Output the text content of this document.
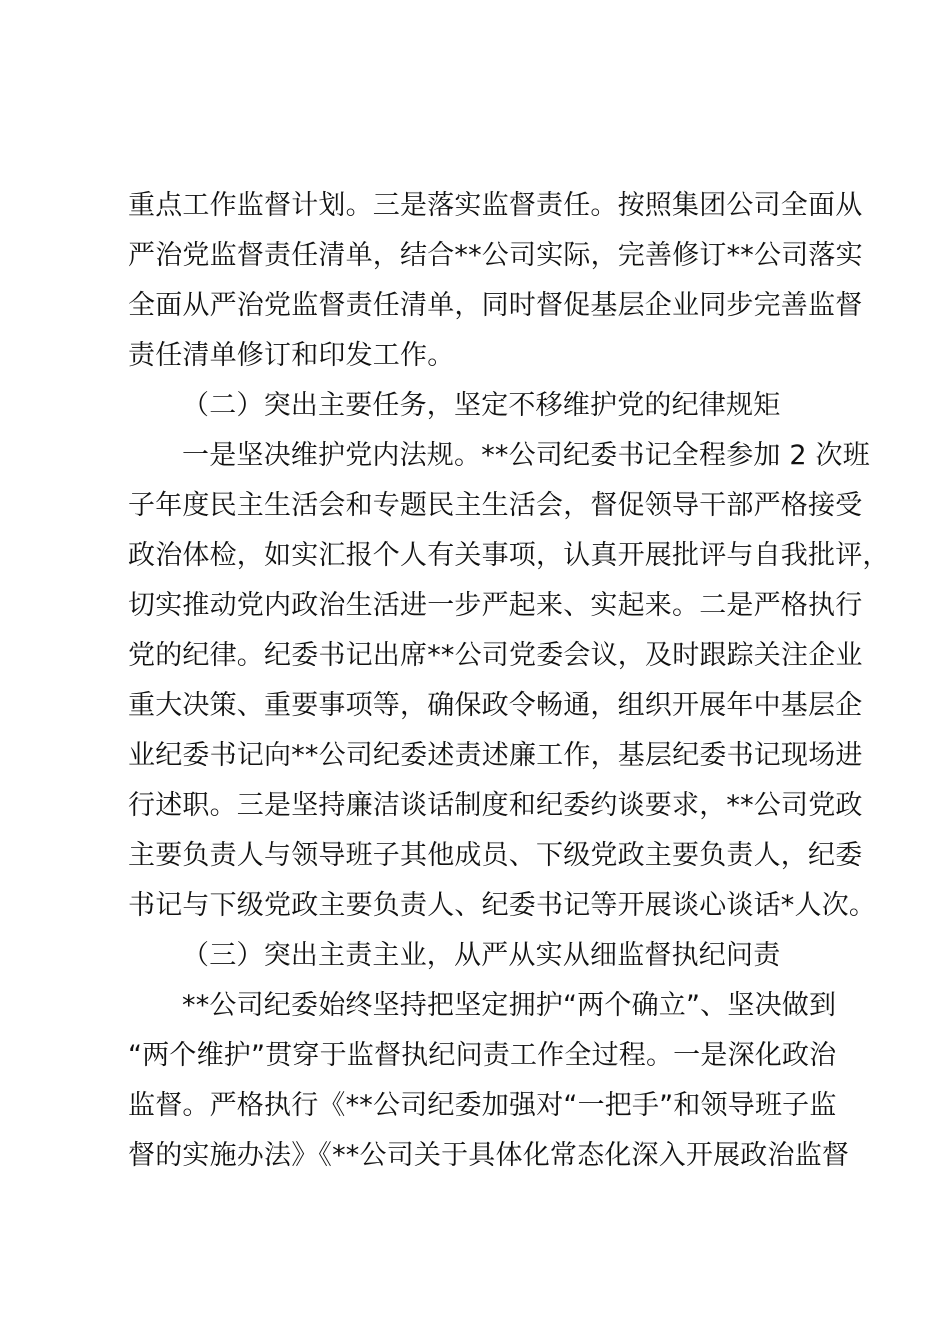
重点工作监督计划。三是落实监督责任。按照集团公司全面从
严治党监督责任清单，结合**公司实际，完善修订**公司落实
全面从严治党监督责任清单，同时督促基层企业同步完善监督
责任清单修订和印发工作。
（二）突出主要任务，坚定不移维护党的纪律规矩
一是坚决维护党内法规。**公司纪委书记全程参加 2 次班
子年度民主生活会和专题民主生活会，督促领导干部严格接受
政治体检，如实汇报个人有关事项，认真开展批评与自我批评，
切实推动党内政治生活进一步严起来、实起来。二是严格执行
党的纪律。纪委书记出席**公司党委会议，及时跟踪关注企业
重大决策、重要事项等，确保政令畅通，组织开展年中基层企
业纪委书记向**公司纪委述责述廉工作，基层纪委书记现场进
行述职。三是坚持廉洁谈话制度和纪委约谈要求，**公司党政
主要负责人与领导班子其他成员、下级党政主要负责人，纪委
书记与下级党政主要负责人、纪委书记等开展谈心谈话*人次。
（三）突出主责主业，从严从实从细监督执纪问责
**公司纪委始终坚持把坚定拥护“两个确立”、坚决做到
“两个维护”贯穿于监督执纪问责工作全过程。一是深化政治
监督。严格执行《**公司纪委加强对“一把手”和领导班子监
督的实施办法》《**公司关于具体化常态化深入开展政治监督
